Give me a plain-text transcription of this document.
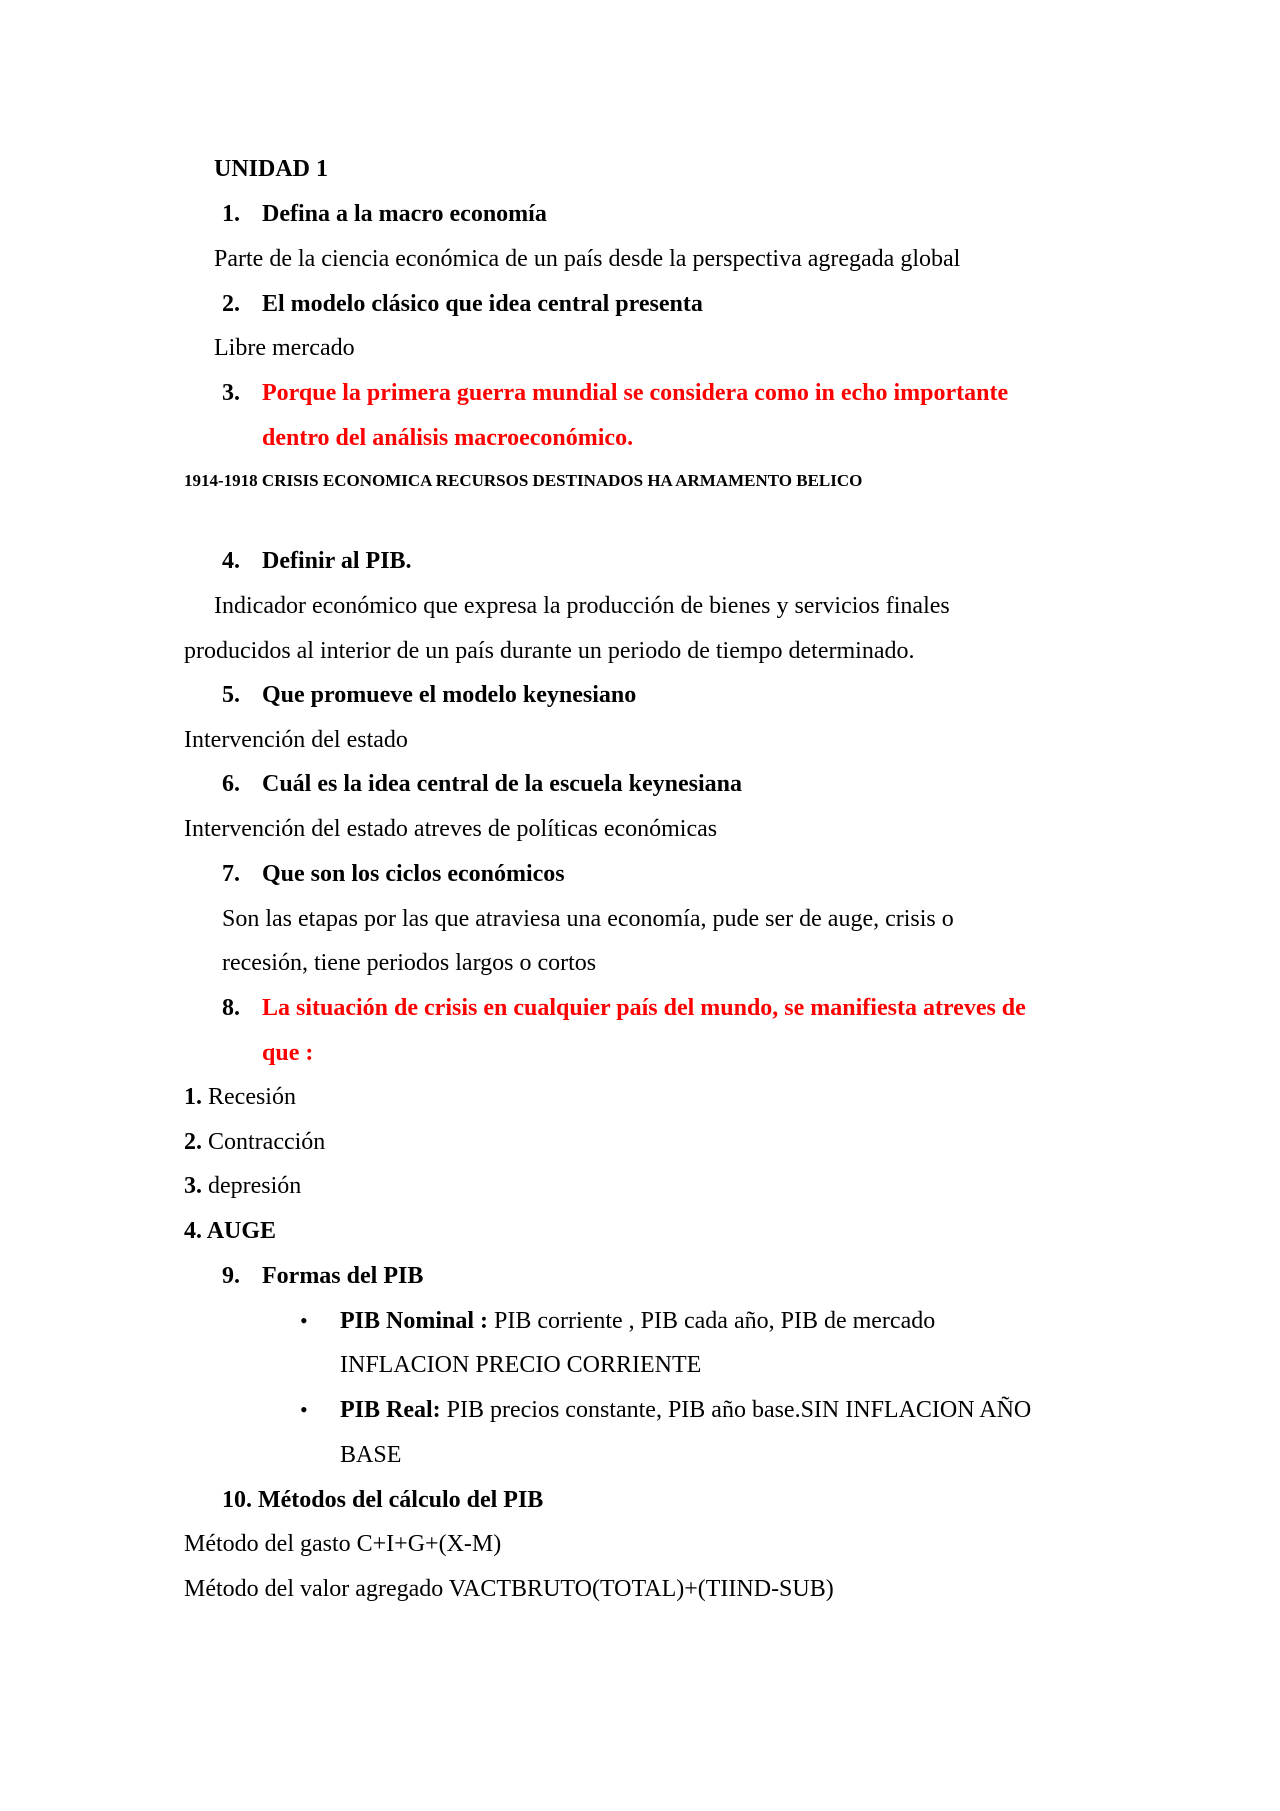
UNIDAD 1
1. Defina a la macro economía
Parte de la ciencia económica de un país desde la perspectiva agregada global
2. El modelo clásico que idea central presenta
Libre mercado
3. Porque la primera guerra mundial se considera como in echo importante
dentro del análisis macroeconómico.
1914-1918 CRISIS ECONOMICA RECURSOS DESTINADOS HA ARMAMENTO BELICO
4. Definir al PIB.
Indicador económico que expresa la producción de bienes y servicios finales
producidos al interior de un país durante un periodo de tiempo determinado.
5. Que promueve el modelo keynesiano
Intervención del estado
6. Cuál es la idea central de la escuela keynesiana
Intervención del estado atreves de políticas económicas
7. Que son los ciclos económicos
Son las etapas por las que atraviesa una economía, pude ser de auge, crisis o
recesión, tiene periodos largos o cortos
8. La situación de crisis en cualquier país del mundo, se manifiesta atreves de
que :
1. Recesión
2. Contracción
3. depresión
4. AUGE
9. Formas del PIB
• PIB Nominal : PIB corriente , PIB cada año, PIB de mercado
INFLACION PRECIO CORRIENTE
• PIB Real: PIB precios constante, PIB año base.SIN INFLACION AÑO
BASE
10. Métodos del cálculo del PIB
Método del gasto C+I+G+(X-M)
Método del valor agregado VACTBRUTO(TOTAL)+(TIIND-SUB)
